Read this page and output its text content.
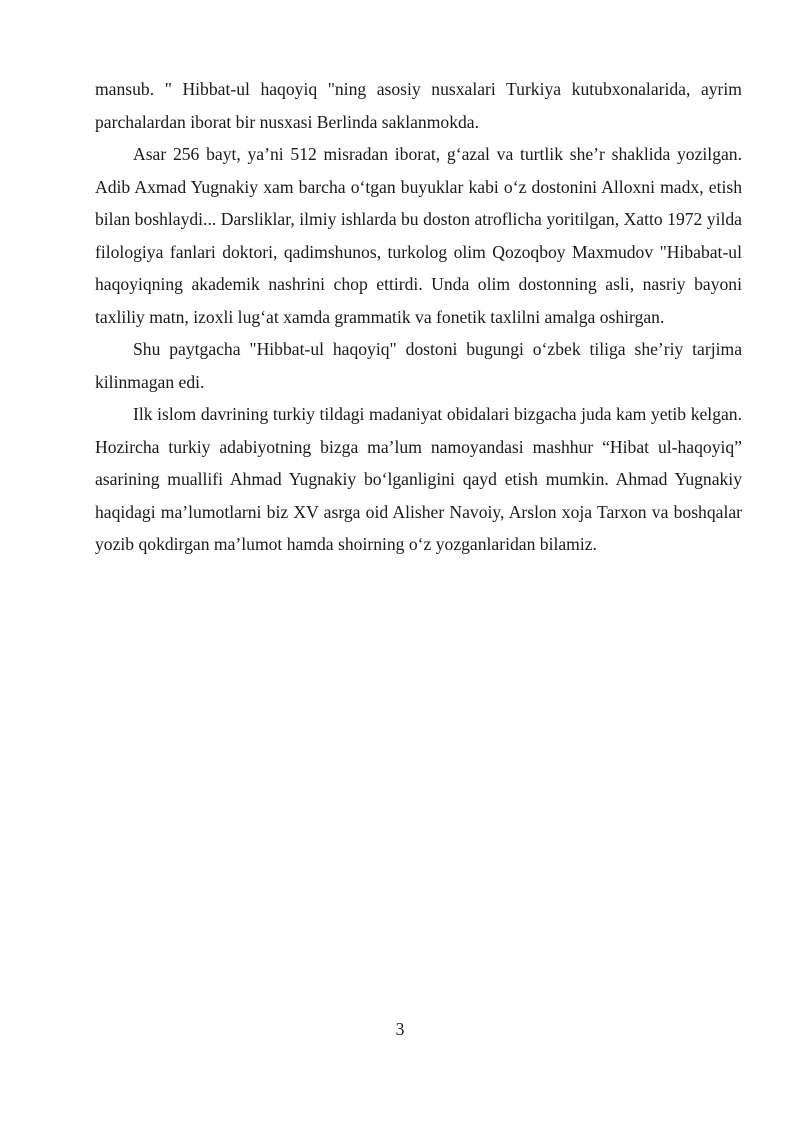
mansub. " Hibbat-ul haqoyiq "ning asosiy nusxalari Turkiya kutubxonalarida, ayrim parchalardan iborat bir nusxasi Berlinda saklanmokda.

Asar 256 bayt, ya’ni 512 misradan iborat, g‘azal va turtlik she’r shaklida yozilgan. Adib Axmad Yugnakiy xam barcha o‘tgan buyuklar kabi o‘z dostonini Alloxni madx, etish bilan boshlaydi... Darsliklar, ilmiy ishlarda bu doston atroflicha yoritilgan, Xatto 1972 yilda filologiya fanlari doktori, qadimshunos, turkolog olim Qozoqboy Maxmudov "Hibabat-ul haqoyiqning akademik nashrini chop ettirdi. Unda olim dostonning asli, nasriy bayoni taxliliy matn, izoxli lug‘at xamda grammatik va fonetik taxlilni amalga oshirgan.

Shu paytgacha "Hibbat-ul haqoyiq" dostoni bugungi o‘zbek tiliga she’riy tarjima kilinmagan edi.

Ilk islom davrining turkiy tildagi madaniyat obidalari bizgacha juda kam yetib kelgan. Hozircha turkiy adabiyotning bizga ma’lum namoyandasi mashhur “Hibat ul-haqoyiq” asarining muallifi Ahmad Yugnakiy bo‘lganligini qayd etish mumkin. Ahmad Yugnakiy haqidagi ma’lumotlarni biz XV asrga oid Alisher Navoiy, Arslon xoja Tarxon va boshqalar yozib qokdirgan ma’lumot hamda shoirning o‘z yozganlaridan bilamiz.

3
